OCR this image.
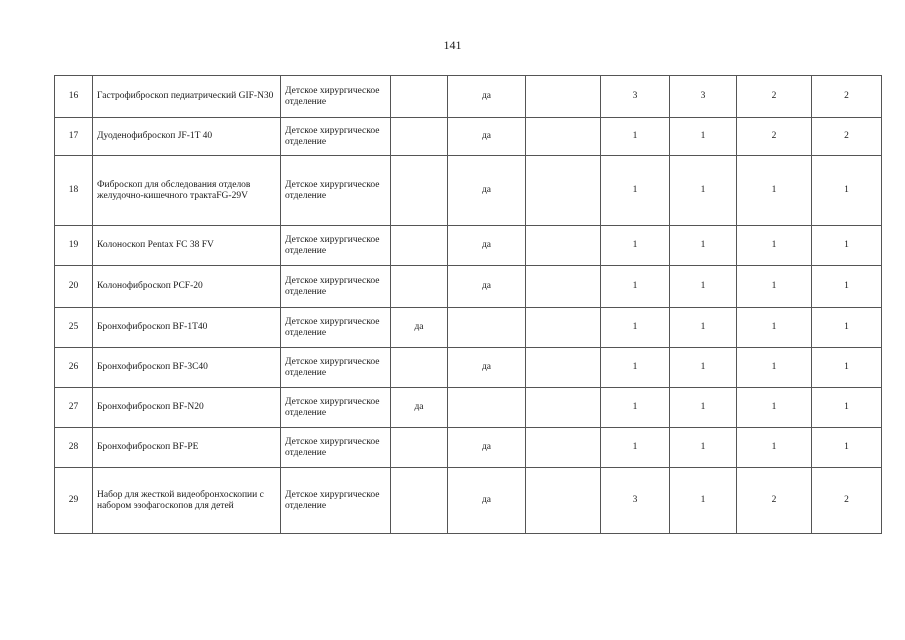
141
16	Гастрофиброскоп педиатрический GIF-N30	Детское хирургическое отделение		да		3	3	2	2
17	Дуоденофиброскоп JF-1T 40	Детское хирургическое отделение		да		1	1	2	2
18	Фиброскоп для обследования отделов желудочно-кишечного трактаFG-29V	Детское хирургическое отделение		да		1	1	1	1
19	Колоноскоп Pentax FC 38 FV	Детское хирургическое отделение		да		1	1	1	1
20	Колонофиброскоп PCF-20	Детское хирургическое отделение		да		1	1	1	1
25	Бронхофиброскоп BF-1T40	Детское хирургическое отделение	да			1	1	1	1
26	Бронхофиброскоп BF-3C40	Детское хирургическое отделение		да		1	1	1	1
27	Бронхофиброскоп BF-N20	Детское хирургическое отделение	да			1	1	1	1
28	Бронхофиброскоп BF-PE	Детское хирургическое отделение		да		1	1	1	1
29	Набор для жесткой видеобронхоскопии с набором эзофагоскопов для детей	Детское хирургическое отделение		да		3	1	2	2
